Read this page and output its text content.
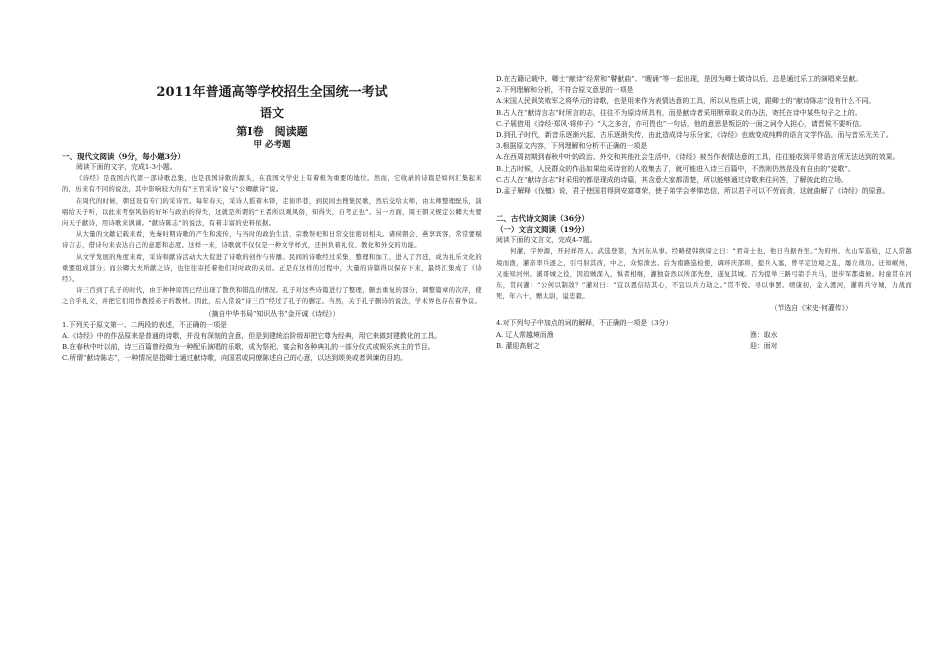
2011年普通高等学校招生全国统一考试
语文
第Ⅰ卷　阅读题
甲 必考题
一、现代文阅读（9分，每小题3分）
阅读下面的文字，完成1-3小题。
《诗经》是我国古代第一部诗歌总集，也是我国诗歌的源头，在我国文学史上有着极为重要的地位。然而，它收录的诗篇是如何汇集起来的，历来有不同的说法，其中影响较大的有“王官采诗”说与“公卿献诗”说。
在周代的时候，朝廷设有专门的采诗官。每年春天，采诗人摇着木铎，走街串巷，到民间去搜集民歌，然后交给太师，由太师整理配乐，演唱给天子听，以此来考察风俗的好坏与政治的得失，这就是所谓的“王者所以观风俗，知得失，自考正也”。另一方面，周王朝又规定公卿大夫要向天子献诗，用诗歌来讽谏。“献诗陈志”的说法，有着丰富的史料依据。
从大量的文献记载来看，先秦时期诗歌的产生和流传，与当时的政治生活、宗教祭祀和日常交往密切相关。诸侯朝会、燕享宾客，常常要赋诗言志，借诗句来表达自己的意愿和态度。这样一来，诗歌就不仅仅是一种文学样式，还担负着礼仪、教化和外交的功能。
从文学发展的角度来看，采诗和献诗活动大大促进了诗歌的创作与传播。民间的诗歌经过采集、整理和加工，进入了宫廷，成为礼乐文化的重要组成部分；而公卿大夫所献之诗，也往往寄托着他们对时政的关切。正是在这样的过程中，大量的诗篇得以保存下来，最终汇集成了《诗经》。
诗三百到了孔子的时代，由于种种原因已经出现了散佚和错乱的情况。孔子对这些诗篇进行了整理，删去重复的部分，调整篇章的次序，使之合乎礼义，并把它们用作教授弟子的教材。因此，后人常说“诗三百”经过了孔子的删定。当然，关于孔子删诗的说法，学术界也存在着争议。
（摘自中华书局“知识丛书”金开诚《诗经》）
1.下列关于原文第一、二两段的表述，不正确的一项是
A.《诗经》中的作品原来是普通的诗歌，并没有深刻的含意，但是到建统治阶级却把它尊为经典，用它来做封建教化的工具。
B.在春秋中叶以前，诗三百篇曾经做为一种配乐演唱的乐歌，成为祭祀、宴会和各种典礼的一部分仪式或娱乐宾主的节目。
C.所谓“献诗陈志”，一种情况是指卿士通过献诗歌，向国君或同僚陈述自己的心意，以达到颂美或者讽谏的目的。
D.在古籍记载中，卿士“献诗”经常和“瞽献曲”、“瞍诵”等一起出现，是因为卿士做诗以后，总是通过乐工的演唱来呈献。
2.下列理解和分析，不符合原文意思的一项是
A.宋国人民讽笑败军之将华元的诗歌，也是用来作为表情达意的工具，所以从性质上说，跟卿士的“献诗陈志”没有什么不同。
B.古人在“献诗言志”时所言的志，往往不为原诗所具有，而是献诗者采用断章取义的办法，寄托在诗中某些句子之上的。
C.子展借用《诗经·郑风·将仲子》“人之多言，亦可畏也”一句话，他的意思是叛臣的一面之词令人担心，请晋侯不要听信。
D.到孔子时代，新音乐逐渐兴起，古乐逐渐失传，由此造成诗与乐分家，《诗经》也就变成纯粹的语言文学作品，而与音乐无关了。
3.根据原文内容，下列理解和分析不正确的一项是
A.在西周初期到春秋中叶的政治、外交和其他社会生活中，《诗经》被当作表情达意的工具，往往能收到平常语言所无法达到的效果。
B.上古时候，人民群众的作品如果给采诗官的人收集去了，就可能进入诗三百篇中，不然则仍然是没有自由的“徒歌”。
C.古人在“献诗言志”时采用的都是现成的诗篇，其含意大家都清楚，所以能够通过诗歌来往问答，了解彼此的立场。
D.孟子解释《伐檀》说，君子使国君得到安富尊荣，使子弟学会孝悌忠信，所以君子可以不劳而食，这就曲解了《诗经》的原意。
二、古代诗文阅读（36分）
（一）文言文阅读（19分）
阅读下面的文言文，完成4-7题。
何灌，字仲源，开封祥符人。武选登第，为河东从事。经略使韩缜谛之曰：“君奇士也，他日当据吾坐。”为府州、火山军巡检，辽人常越境而渔，灌亲率兵逐之，引弓射其酋，中之，众惊溃去。后为南路巡检使，调环庆部将，提兵入塞，曾平定边境之乱，屡立战功。迁知岷州，又徙知河州。溪哥城之役，因追贼深入，惧者相继，灌独奋然以所部先登，遂复其城。召为提举三路弓箭手兵马，进步军都虞候。时童贯在河东，贯问灌：“公何以制敌？”灌对曰：“宜以恩信结其心，不宜以兵力劫之。”贯不悦。寻以事罢。靖康初，金人渡河，灌将兵守城，力战而死，年六十，赠太尉，谥忠毅。
（节选自《宋史·何灌传》）
4.对下列句子中加点的词的解释，不正确的一项是（3分）
A. 辽人常越境而渔	渔：取水
B. 灌迎高射之	迎：面对
